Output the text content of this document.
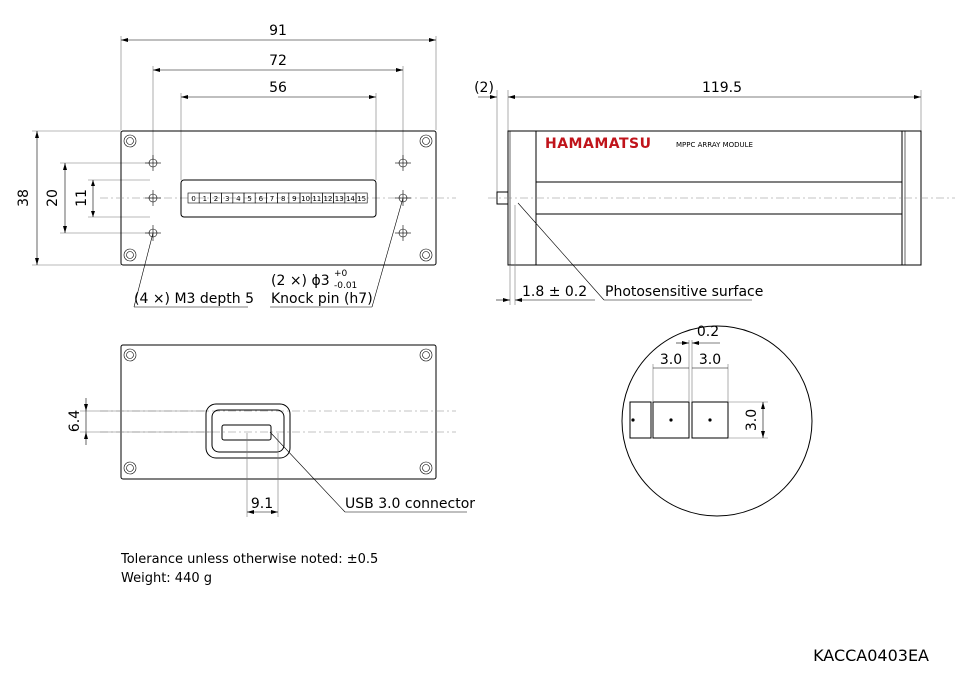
91
72
56
38 20 11	0 1 2 3 4 5 6 7 8 9 10 11 12 13 14 15
(4 ×) M3 depth 5
(2 ×) ϕ3 +0
-0.01
Knock pin (h7)
(2)	119.5
HAMAMATSU	MPPC ARRAY MODULE
1.8 ± 0.2 Photosensitive surface
6.4
9.1	USB 3.0 connector
3.0 3.0
0.2
3.0
Tolerance unless otherwise noted: ±0.5
Weight: 440 g
KACCA0403EA
